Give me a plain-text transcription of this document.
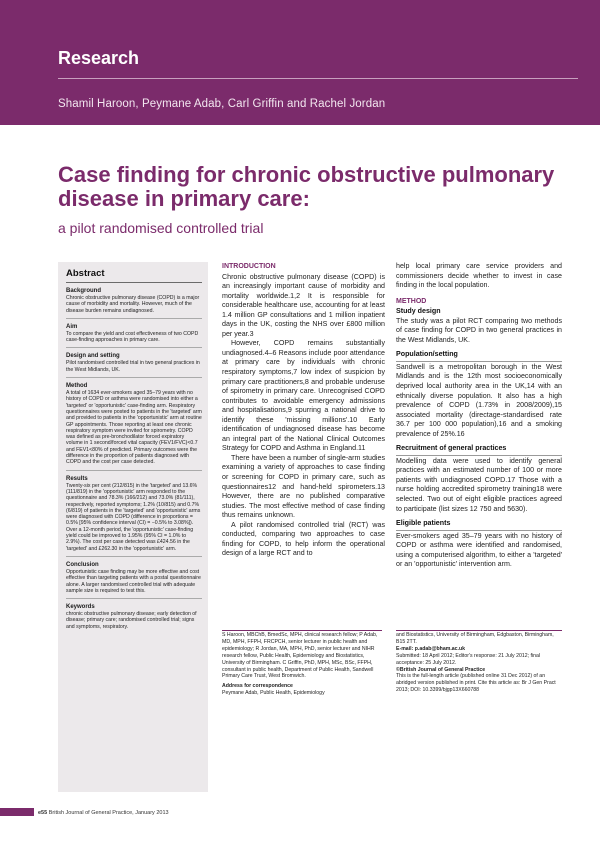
Research
Shamil Haroon, Peymane Adab, Carl Griffin and Rachel Jordan
Case finding for chronic obstructive pulmonary disease in primary care:
a pilot randomised controlled trial
Abstract
Background

Chronic obstructive pulmonary disease (COPD) is a major cause of morbidity and mortality. However, much of the disease burden remains undiagnosed.

Aim

To compare the yield and cost effectiveness of two COPD case-finding approaches in primary care.

Design and setting

Pilot randomised controlled trial in two general practices in the West Midlands, UK.

Method

A total of 1634 ever-smokers aged 35–79 years with no history of COPD or asthma were randomised into either a 'targeted' or 'opportunistic' case-finding arm. Respiratory questionnaires were posted to patients in the 'targeted' arm and provided to patients in the 'opportunistic' arm at routine GP appointments. Those reporting at least one chronic respiratory symptom were invited for spirometry. COPD was defined as pre-bronchodilator forced expiratory volume in 1 second/forced vital capacity (FEV1/FVC)<0.7 and FEV1<80% of predicted. Primary outcomes were the difference in the proportion of patients diagnosed with COPD and the cost per case detected.

Results

Twenty-six per cent (212/815) in the 'targeted' and 13.6% (111/819) in the 'opportunistic' arm responded to the questionnaire and 78.3% (166/212) and 73.0% (81/111), respectively, reported symptoms; 1.2% (10/815) and 0.7% (6/819) of patients in the 'targeted' and 'opportunistic' arms were diagnosed with COPD (difference in proportions = 0.5% [95% confidence interval (CI) = −0.5% to 3.08%]). Over a 12-month period, the 'opportunistic' case-finding yield could be improved to 1.95% (95% CI = 1.0% to 2.9%). The cost per case detected was £424.56 in the 'targeted' and £262.30 in the 'opportunistic' arm.

Conclusion

Opportunistic case finding may be more effective and cost effective than targeting patients with a postal questionnaire alone. A larger randomised controlled trial with adequate sample size is required to test this.

Keywords

chronic obstructive pulmonary disease; early detection of disease; primary care; randomised controlled trial; signs and symptoms, respiratory.

INTRODUCTION

Chronic obstructive pulmonary disease (COPD) is an increasingly important cause of morbidity and mortality worldwide.1,2 It is responsible for considerable healthcare use, accounting for at least 1.4 million GP consultations and 1 million inpatient days in the UK, costing the NHS over £800 million per year.3

However, COPD remains substantially undiagnosed.4–6 Reasons include poor attendance at primary care by individuals with chronic respiratory symptoms,7 low index of suspicion by primary care practitioners,8 and probable underuse of spirometry in primary care. Unrecognised COPD contributes to avoidable emergency admissions and hospitalisations,9 spurring a national drive to identify these 'missing millions'.10 Early identification of undiagnosed disease has become an integral part of the National Clinical Outcomes Strategy for COPD and Asthma in England.11

There have been a number of single-arm studies examining a variety of approaches to case finding or screening for COPD in primary care, such as questionnaires12 and hand-held spirometers.13 However, there are no published comparative studies. The most effective method of case finding thus remains unknown.

A pilot randomised controlled trial (RCT) was conducted, comparing two approaches to case finding for COPD, to help inform the operational design of a large RCT and to

help local primary care service providers and commissioners decide whether to invest in case finding in the local population.

METHOD
Study design

The study was a pilot RCT comparing two methods of case finding for COPD in two general practices in the West Midlands, UK.

Population/setting

Sandwell is a metropolitan borough in the West Midlands and is the 12th most socioeconomically deprived local authority area in the UK,14 with an ethnically diverse population. It also has a high prevalence of COPD (1.73% in 2008/2009),15 associated mortality (directage-standardised rate 36.7 per 100 000 population),16 and a smoking prevalence of 25%.16

Recruitment of general practices

Modelling data were used to identify general practices with an estimated number of 100 or more patients with undiagnosed COPD.17 Those with a nurse holding accredited spirometry training18 were selected. Two out of eight eligible practices agreed to participate (list sizes 12 750 and 5630).

Eligible patients

Ever-smokers aged 35–79 years with no history of COPD or asthma were identified and randomised, using a computerised algorithm, to either a 'targeted' or an 'opportunistic' intervention arm.

S Haroon, MBChB, BmedSc, MPH, clinical research fellow; P Adab, MD, MPH, FFPH, FRCPCH, senior lecturer in public health and epidemiology; R Jordan, MA, MPH, PhD, senior lecturer and NIHR research fellow, Public Health, Epidemiology and Biostatistics, University of Birmingham. C Griffin, PhD, MPH, MSc, BSc, FFPH, consultant in public health, Department of Public Health, Sandwell Primary Care Trust, West Bromwich.

Address for correspondence

Peymane Adab, Public Health, Epidemiology

and Biostatistics, University of Birmingham, Edgbaston, Birmingham, B15 2TT.

E-mail: p.adab@bham.ac.uk

Submitted: 18 April 2012; Editor's response: 21 July 2012; final acceptance: 25 July 2012.

©British Journal of General Practice

This is the full-length article (published online 31 Dec 2012) of an abridged version published in print. Cite this article as: Br J Gen Pract 2013; DOI: 10.3399/bjgp13X660788

e55 British Journal of General Practice, January 2013
